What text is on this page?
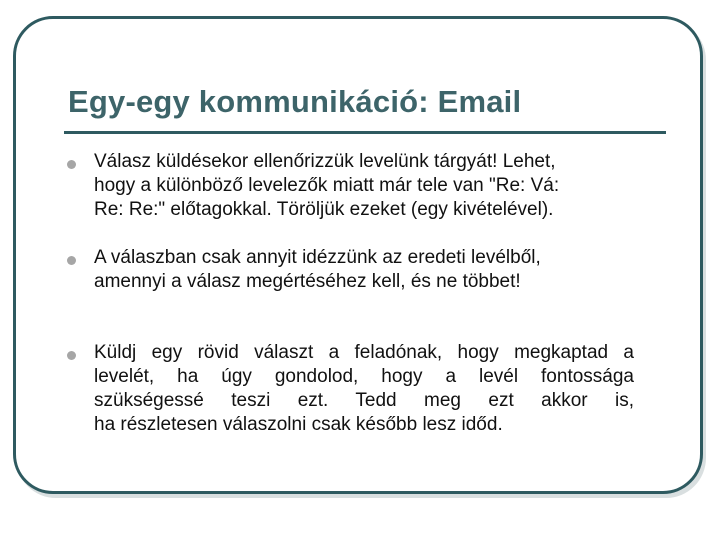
Egy-egy kommunikáció: Email
Válasz küldésekor ellenőrizzük levelünk tárgyát! Lehet,
hogy a különböző levelezők miatt már tele van "Re: Vá:
Re: Re:" előtagokkal. Töröljük ezeket (egy kivételével).
A válaszban csak annyit idézzünk az eredeti levélből,
amennyi a válasz megértéséhez kell, és ne többet!
Küldj egy rövid választ a feladónak, hogy megkaptad a
levelét, ha úgy gondolod, hogy a levél fontossága
szükségessé teszi ezt. Tedd meg ezt akkor is,
ha részletesen válaszolni csak később lesz időd.
